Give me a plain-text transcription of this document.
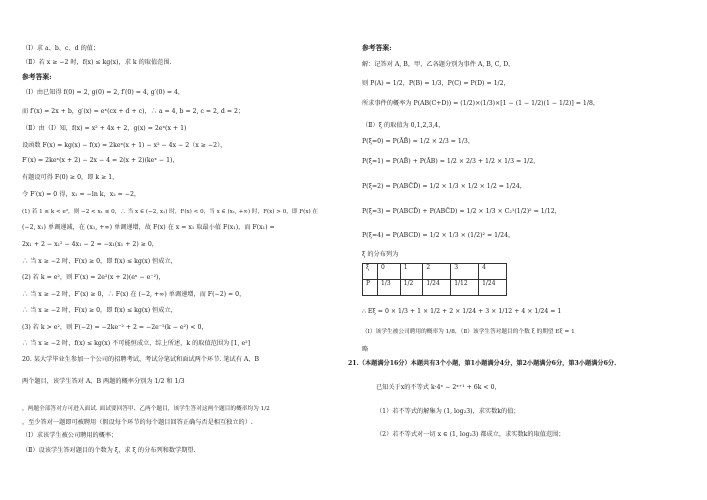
（Ⅰ）求 a、b、c、d 的值；
（Ⅱ）若 x ≥ −2 时，f(x) ≤ kg(x)，求 k 的取值范围.
参考答案:
（Ⅰ）由已知得 f(0) = 2, g(0) = 2, f′(0) = 4, g′(0) = 4，
而 f′(x) = 2x + b，g′(x) = eˣ(cx + d + c)，∴ a = 4, b = 2, c = 2, d = 2；
（Ⅱ）由（Ⅰ）知，f(x) = x² + 4x + 2，g(x) = 2eˣ(x + 1)
设函数 F(x) = kg(x) − f(x) = 2keˣ(x + 1) − x² − 4x − 2（x ≥ −2），
F′(x) = 2keˣ(x + 2) − 2x − 4 = 2(x + 2)(keˣ − 1)，
有题设可得 F(0) ≥ 0，即 k ≥ 1，
令 F′(x) = 0 得，x₁ = −ln k，x₂ = −2，
(1) 若 1 ≤ k < e²，则 −2 < x₁ ≤ 0，∴ 当 x ∈ (−2, x₁) 时，F(x) < 0，当 x ∈ (x₁, +∞) 时，F(x) > 0，即 F(x) 在
(−2, x₁) 单调递减，在 (x₁, +∞) 单调递增，故 F(x) 在 x = x₁ 取最小值 F(x₁)，而 F(x₁) =
2x₁ + 2 − x₁² − 4x₁ − 2 = −x₁(x₁ + 2) ≥ 0，
∴ 当 x ≥ −2 时，F(x) ≥ 0，即 f(x) ≤ kg(x) 恒成立，
(2) 若 k = e²，则 F′(x) = 2e²(x + 2)(eˣ − e⁻²)，
∴ 当 x ≥ −2 时，F′(x) ≥ 0，∴ F(x) 在 (−2, +∞) 单调递增，而 F(−2) = 0，
∴ 当 x ≥ −2 时，F(x) ≥ 0，即 f(x) ≤ kg(x) 恒成立，
(3) 若 k > e²，则 F(−2) = −2ke⁻² + 2 = −2e⁻²(k − e²) < 0，
∴ 当 x ≥ −2 时，f(x) ≤ kg(x) 不可能恒成立，综上所述，k 的取值范围为 [1, e²]
20. 某大学毕业生参加一个公司的招聘考试，考试分笔试和面试两个环节. 笔试有 A、B
两个题目，该学生答对 A、B 两题的概率分别为 1/2 和 1/3
，两题全部答对方可进入面试. 面试要回答甲、乙两个题目，该学生答对这两个题目的概率均为 1/2
，至少答对一题即可被聘用（假设每个环节的每个题目回答正确与否是相互独立的）.
（Ⅰ）求该学生被公司聘用的概率；
（Ⅱ）设该学生答对题目的个数为 ξ，求 ξ 的分布列和数学期望.
参考答案:
解：记答对 A, B，甲、乙各题分别为事件 A, B, C, D，
则 P(A) = 1/2，P(B) = 1/3，P(C) = P(D) = 1/2，
所求事件的概率为 P(AB(C+D)) = (1/2)×(1/3)×[1 − (1 − 1/2)(1 − 1/2)] = 1/8，
（Ⅱ）ξ 的取值为 0,1,2,3,4，
P(ξ=0) = P(ĀB̄) = 1/2 × 2/3 = 1/3，
P(ξ=1) = P(AB̄) + P(ĀB) = 1/2 × 2/3 + 1/2 × 1/3 = 1/2，
P(ξ=2) = P(ABC̄D̄) = 1/2 × 1/3 × 1/2 × 1/2 = 1/24，
P(ξ=3) = P(ABCD̄) + P(ABC̄D) = 1/2 × 1/3 × C₂¹(1/2)² = 1/12，
P(ξ=4) = P(ABCD) = 1/2 × 1/3 × (1/2)² = 1/24，
ξ 的分布列为
ξ	0	1	2	3	4
P	1/3	1/2	1/24	1/12	1/24
∴ Eξ = 0 × 1/3 + 1 × 1/2 + 2 × 1/24 + 3 × 1/12 + 4 × 1/24 = 1
（Ⅰ）该学生被公司聘用的概率为 1/8，（Ⅱ）该学生答对题目的个数 ξ 的期望 Eξ = 1
略
21.（本题满分16分）本题共有3个小题，第1小题满分4分，第2小题满分6分，第3小题满分6分.
已知关于x的不等式 k·4ˣ − 2ˣ⁺¹ + 6k < 0，
（1）若不等式的解集为 (1, log₂3)，求实数k的值；
（2）若不等式对一切 x ∈ (1, log₂3) 都成立，求实数k的取值范围；
